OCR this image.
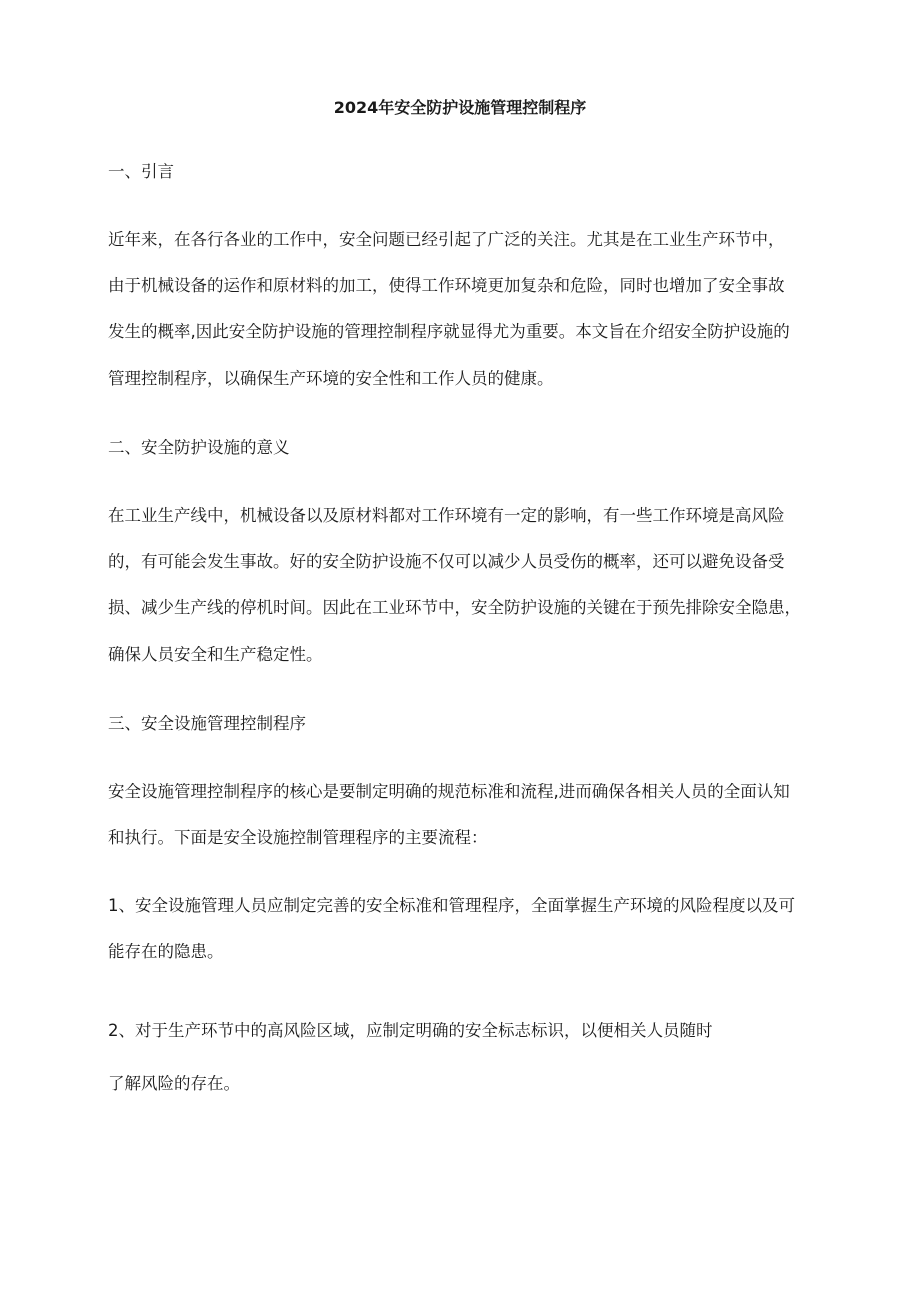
2024年安全防护设施管理控制程序
一、引言
近年来，在各行各业的工作中，安全问题已经引起了广泛的关注。尤其是在工业生产环节中，
由于机械设备的运作和原材料的加工，使得工作环境更加复杂和危险，同时也增加了安全事故
发生的概率,因此安全防护设施的管理控制程序就显得尤为重要。本文旨在介绍安全防护设施的
管理控制程序，以确保生产环境的安全性和工作人员的健康。
二、安全防护设施的意义
在工业生产线中，机械设备以及原材料都对工作环境有一定的影响，有一些工作环境是高风险
的，有可能会发生事故。好的安全防护设施不仅可以减少人员受伤的概率，还可以避免设备受
损、减少生产线的停机时间。因此在工业环节中，安全防护设施的关键在于预先排除安全隐患，
确保人员安全和生产稳定性。
三、安全设施管理控制程序
安全设施管理控制程序的核心是要制定明确的规范标准和流程,进而确保各相关人员的全面认知
和执行。下面是安全设施控制管理程序的主要流程：
1、安全设施管理人员应制定完善的安全标准和管理程序，全面掌握生产环境的风险程度以及可
能存在的隐患。
2、对于生产环节中的高风险区域，应制定明确的安全标志标识，以便相关人员随时
了解风险的存在。
